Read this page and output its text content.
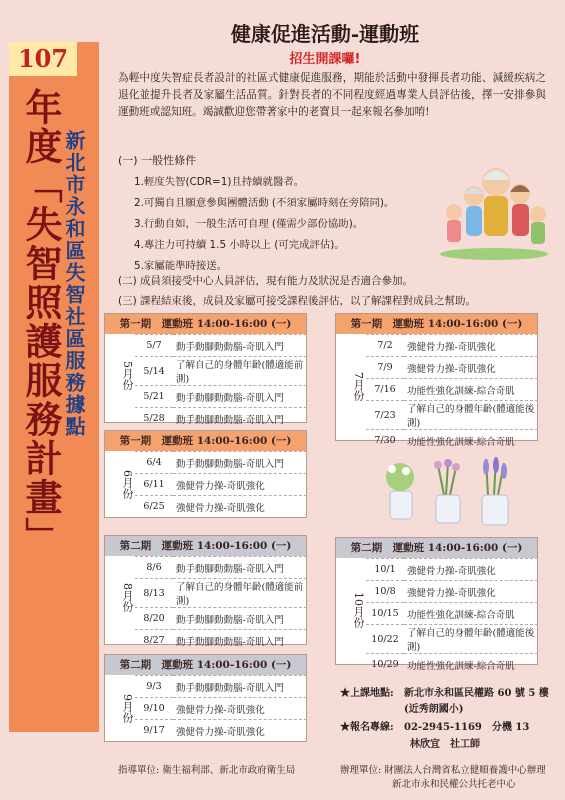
107
年度「失智照護服務計畫」 新北市永和區失智社區服務據點
健康促進活動-運動班
招生開課囉!
為輕中度失智症長者設計的社區式健康促進服務，期能於活動中發揮長者功能、減緩疾病之退化並提升長者及家屬生活品質。針對長者的不同程度經過專業人員評估後，擇一安排參與運動班或認知班。竭誠歡迎您帶著家中的老寶貝一起來報名參加唷!
(一) 一般性條件
1.輕度失智(CDR=1)且持續就醫者。
2.可獨自且願意參與團體活動 (不須家屬時刻在旁陪同)。
3.行動自如，一般生活可自理 (僅需少部份協助)。
4.專注力可持續 1.5 小時以上 (可完成評估)。
5.家屬能準時接送。
(二) 成員須接受中心人員評估，現有能力及狀況是否適合參加。
(三) 課程結束後，成員及家屬可接受課程後評估，以了解課程對成員之幫助。
第一期　運動班 14:00-16:00 (一)
5月份
5/7	動手動腳動動腦-奇肌入門
5/14	了解自己的身體年齡(體適能前測)
5/21	動手動腳動動腦-奇肌入門
5/28	動手動腳動動腦-奇肌入門
第一期　運動班 14:00-16:00 (一)
6月份
6/4	動手動腳動動腦-奇肌入門
6/11	強健骨力操-奇肌強化
6/25	強健骨力操-奇肌強化
第一期　運動班 14:00-16:00 (一)
7月份
7/2	強健骨力操-奇肌強化
7/9	強健骨力操-奇肌強化
7/16	功能性強化訓練-綜合奇肌
7/23	了解自己的身體年齡(體適能後測)
7/30	功能性強化訓練-綜合奇肌
第二期　運動班 14:00-16:00 (一)
8月份
8/6	動手動腳動動腦-奇肌入門
8/13	了解自己的身體年齡(體適能前測)
8/20	動手動腳動動腦-奇肌入門
8/27	動手動腳動動腦-奇肌入門
第二期　運動班 14:00-16:00 (一)
9月份
9/3	動手動腳動動腦-奇肌入門
9/10	強健骨力操-奇肌強化
9/17	強健骨力操-奇肌強化
第二期　運動班 14:00-16:00 (一)
10月份
10/1	強健骨力操-奇肌強化
10/8	強健骨力操-奇肌強化
10/15	功能性強化訓練-綜合奇肌
10/22	了解自己的身體年齡(體適能後測)
10/29	功能性強化訓練-綜合奇肌
★上課地點: 新北市永和區民權路 60 號 5 樓
(近秀朗國小)
★報名專線: 02-2945-1169　分機 13
林欣宜　社工師
指導單位: 衛生福利部、新北市政府衛生局	辦理單位: 財團法人台灣省私立健順養護中心辦理
新北市永和民權公共托老中心
